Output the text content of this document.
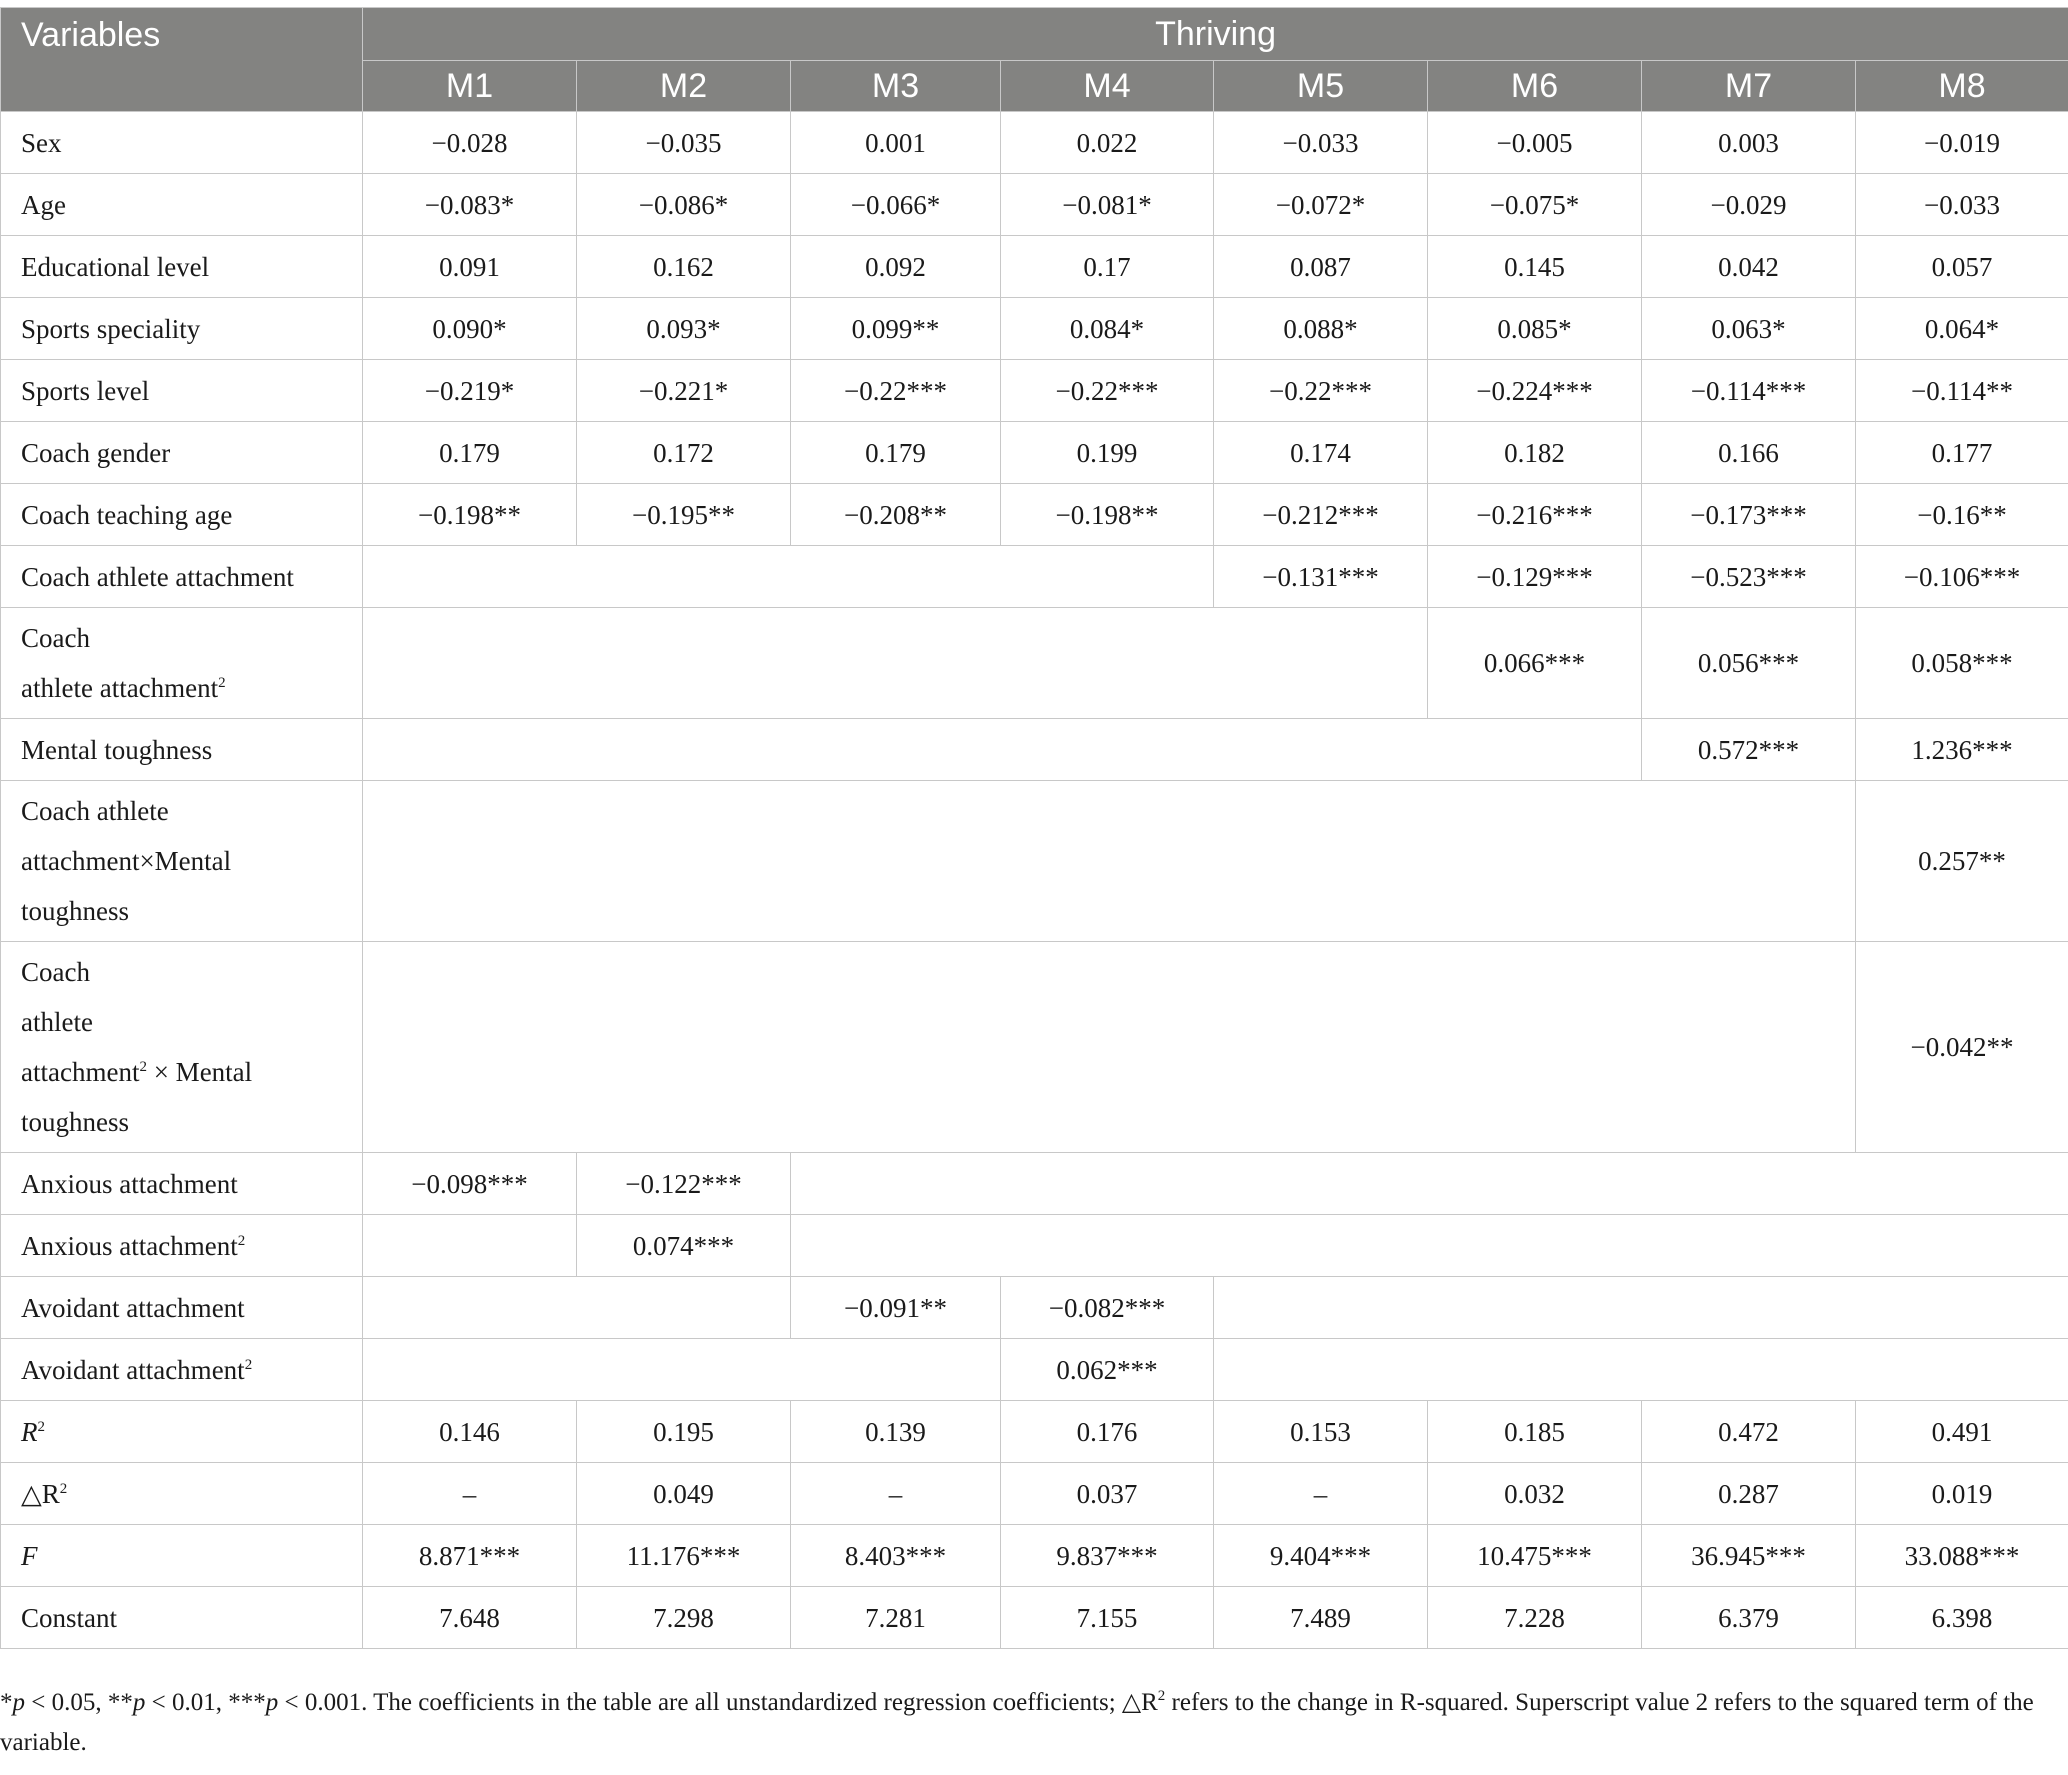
Variables	Thriving							
	M1	M2	M3	M4	M5	M6	M7	M8
Sex	−0.028	−0.035	0.001	0.022	−0.033	−0.005	0.003	−0.019
Age	−0.083*	−0.086*	−0.066*	−0.081*	−0.072*	−0.075*	−0.029	−0.033
Educational level	0.091	0.162	0.092	0.17	0.087	0.145	0.042	0.057
Sports speciality	0.090*	0.093*	0.099**	0.084*	0.088*	0.085*	0.063*	0.064*
Sports level	−0.219*	−0.221*	−0.22***	−0.22***	−0.22***	−0.224***	−0.114***	−0.114**
Coach gender	0.179	0.172	0.179	0.199	0.174	0.182	0.166	0.177
Coach teaching age	−0.198**	−0.195**	−0.208**	−0.198**	−0.212***	−0.216***	−0.173***	−0.16**
Coach athlete attachment					−0.131***	−0.129***	−0.523***	−0.106***

Coach
athlete attachment$^2$						0.066***	0.056***	0.058***
Mental toughness							0.572***	1.236***

Coach athlete
attachment×Mental
toughness								0.257**

Coach
athlete
attachment$^2$ × Mental
toughness								−0.042**
Anxious attachment	−0.098***	−0.122***						
Anxious attachment$^2$		0.074***						
Avoidant attachment			−0.091**	−0.082***				
Avoidant attachment$^2$				0.062***				
$R^2$	0.146	0.195	0.139	0.176	0.153	0.185	0.472	0.491
$\triangle R^2$	–	0.049	–	0.037	–	0.032	0.287	0.019
F	8.871***	11.176***	8.403***	9.837***	9.404***	10.475***	36.945***	33.088***
Constant	7.648	7.298	7.281	7.155	7.489	7.228	6.379	6.398
*p < 0.05, **p < 0.01, ***p < 0.001. The coefficients in the table are all unstandardized regression coefficients; $\triangle R^2$ refers to the change in R-squared. Superscript value 2 refers to the squared term of the variable.
